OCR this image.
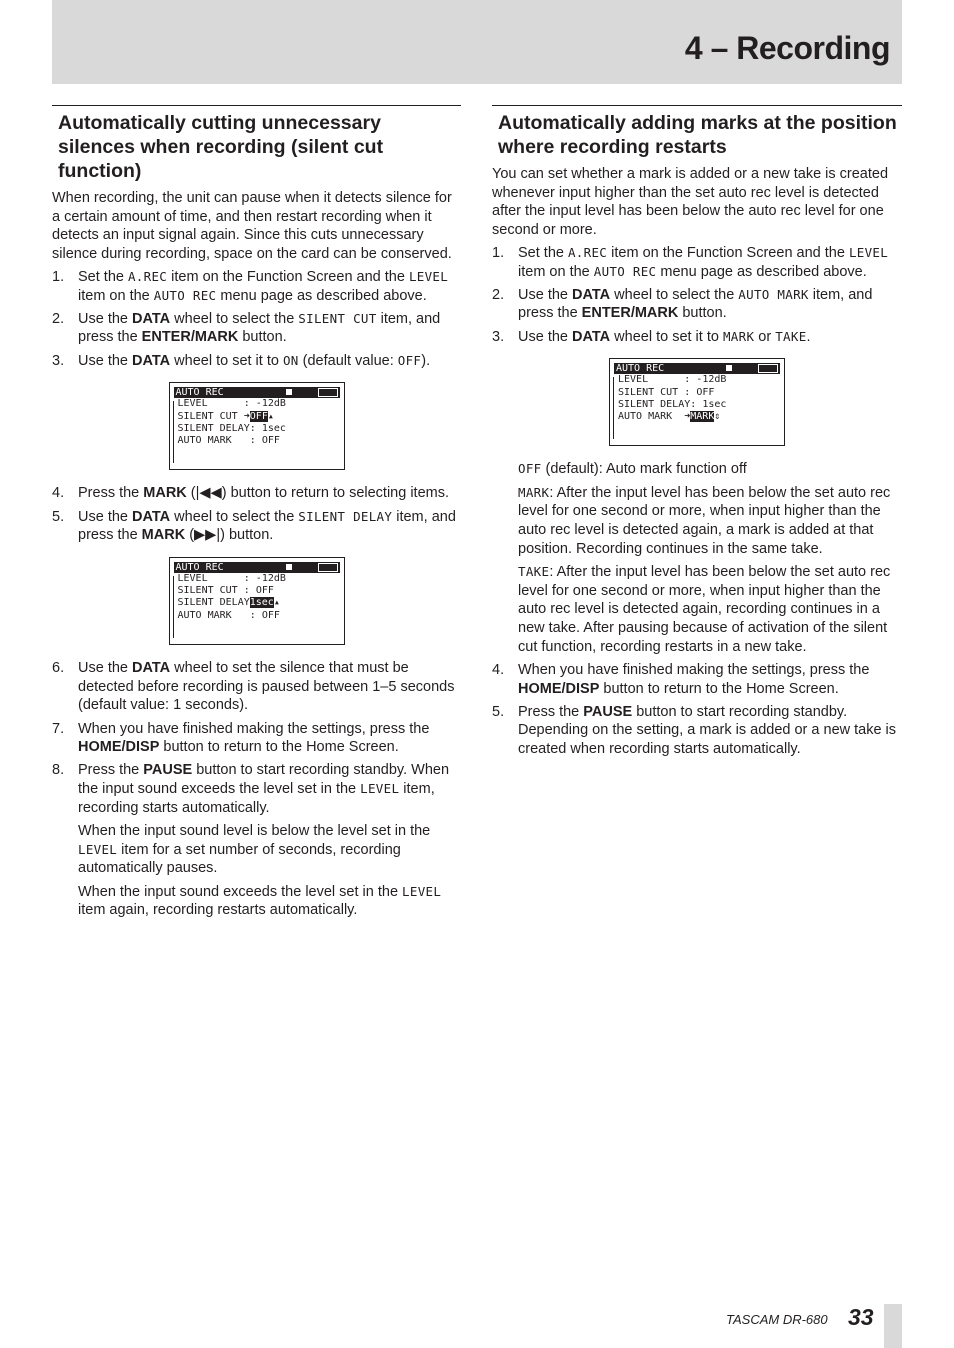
4 – Recording
Automatically cutting unnecessary silences when recording (silent cut function)

When recording, the unit can pause when it detects silence for a certain amount of time, and then restart recording when it detects an input signal again. Since this cuts unnecessary silence during recording, space on the card can be conserved.

1. Set the A.REC item on the Function Screen and the LEVEL item on the AUTO REC menu page as described above.
2. Use the DATA wheel to select the SILENT CUT item, and press the ENTER/MARK button.
3. Use the DATA wheel to set it to ON (default value: OFF).
AUTO REC
LEVEL	: -12dB
SILENT CUT ➜OFF▴
SILENT DELAY: 1sec
AUTO MARK : OFF
4. Press the MARK (|◀◀) button to return to selecting items.
5. Use the DATA wheel to select the SILENT DELAY item, and press the MARK (▶▶|) button.
AUTO REC
LEVEL	: -12dB
SILENT CUT : OFF
SILENT DELAY1sec▴
AUTO MARK : OFF
6. Use the DATA wheel to set the silence that must be detected before recording is paused between 1–5 seconds (default value: 1 seconds).
7. When you have finished making the settings, press the HOME/DISP button to return to the Home Screen.
8. Press the PAUSE button to start recording standby. When the input sound exceeds the level set in the LEVEL item, recording starts automatically.

When the input sound level is below the level set in the LEVEL item for a set number of seconds, recording automatically pauses.

When the input sound exceeds the level set in the LEVEL item again, recording restarts automatically.

Automatically adding marks at the position where recording restarts

You can set whether a mark is added or a new take is created whenever input higher than the set auto rec level is detected after the input level has been below the auto rec level for one second or more.

1. Set the A.REC item on the Function Screen and the LEVEL item on the AUTO REC menu page as described above.
2. Use the DATA wheel to select the AUTO MARK item, and press the ENTER/MARK button.
3. Use the DATA wheel to set it to MARK or TAKE.
AUTO REC
LEVEL	: -12dB
SILENT CUT : OFF
SILENT DELAY: 1sec
AUTO MARK ➜MARK⇕

OFF (default): Auto mark function off

MARK: After the input level has been below the set auto rec level for one second or more, when input higher than the auto rec level is detected again, a mark is added at that position. Recording continues in the same take.

TAKE: After the input level has been below the set auto rec level for one second or more, when input higher than the auto rec level is detected again, recording continues in a new take. After pausing because of activation of the silent cut function, recording restarts in a new take.

4. When you have finished making the settings, press the HOME/DISP button to return to the Home Screen.
5. Press the PAUSE button to start recording standby. Depending on the setting, a mark is added or a new take is created when recording starts automatically.
TASCAM DR-680 33
